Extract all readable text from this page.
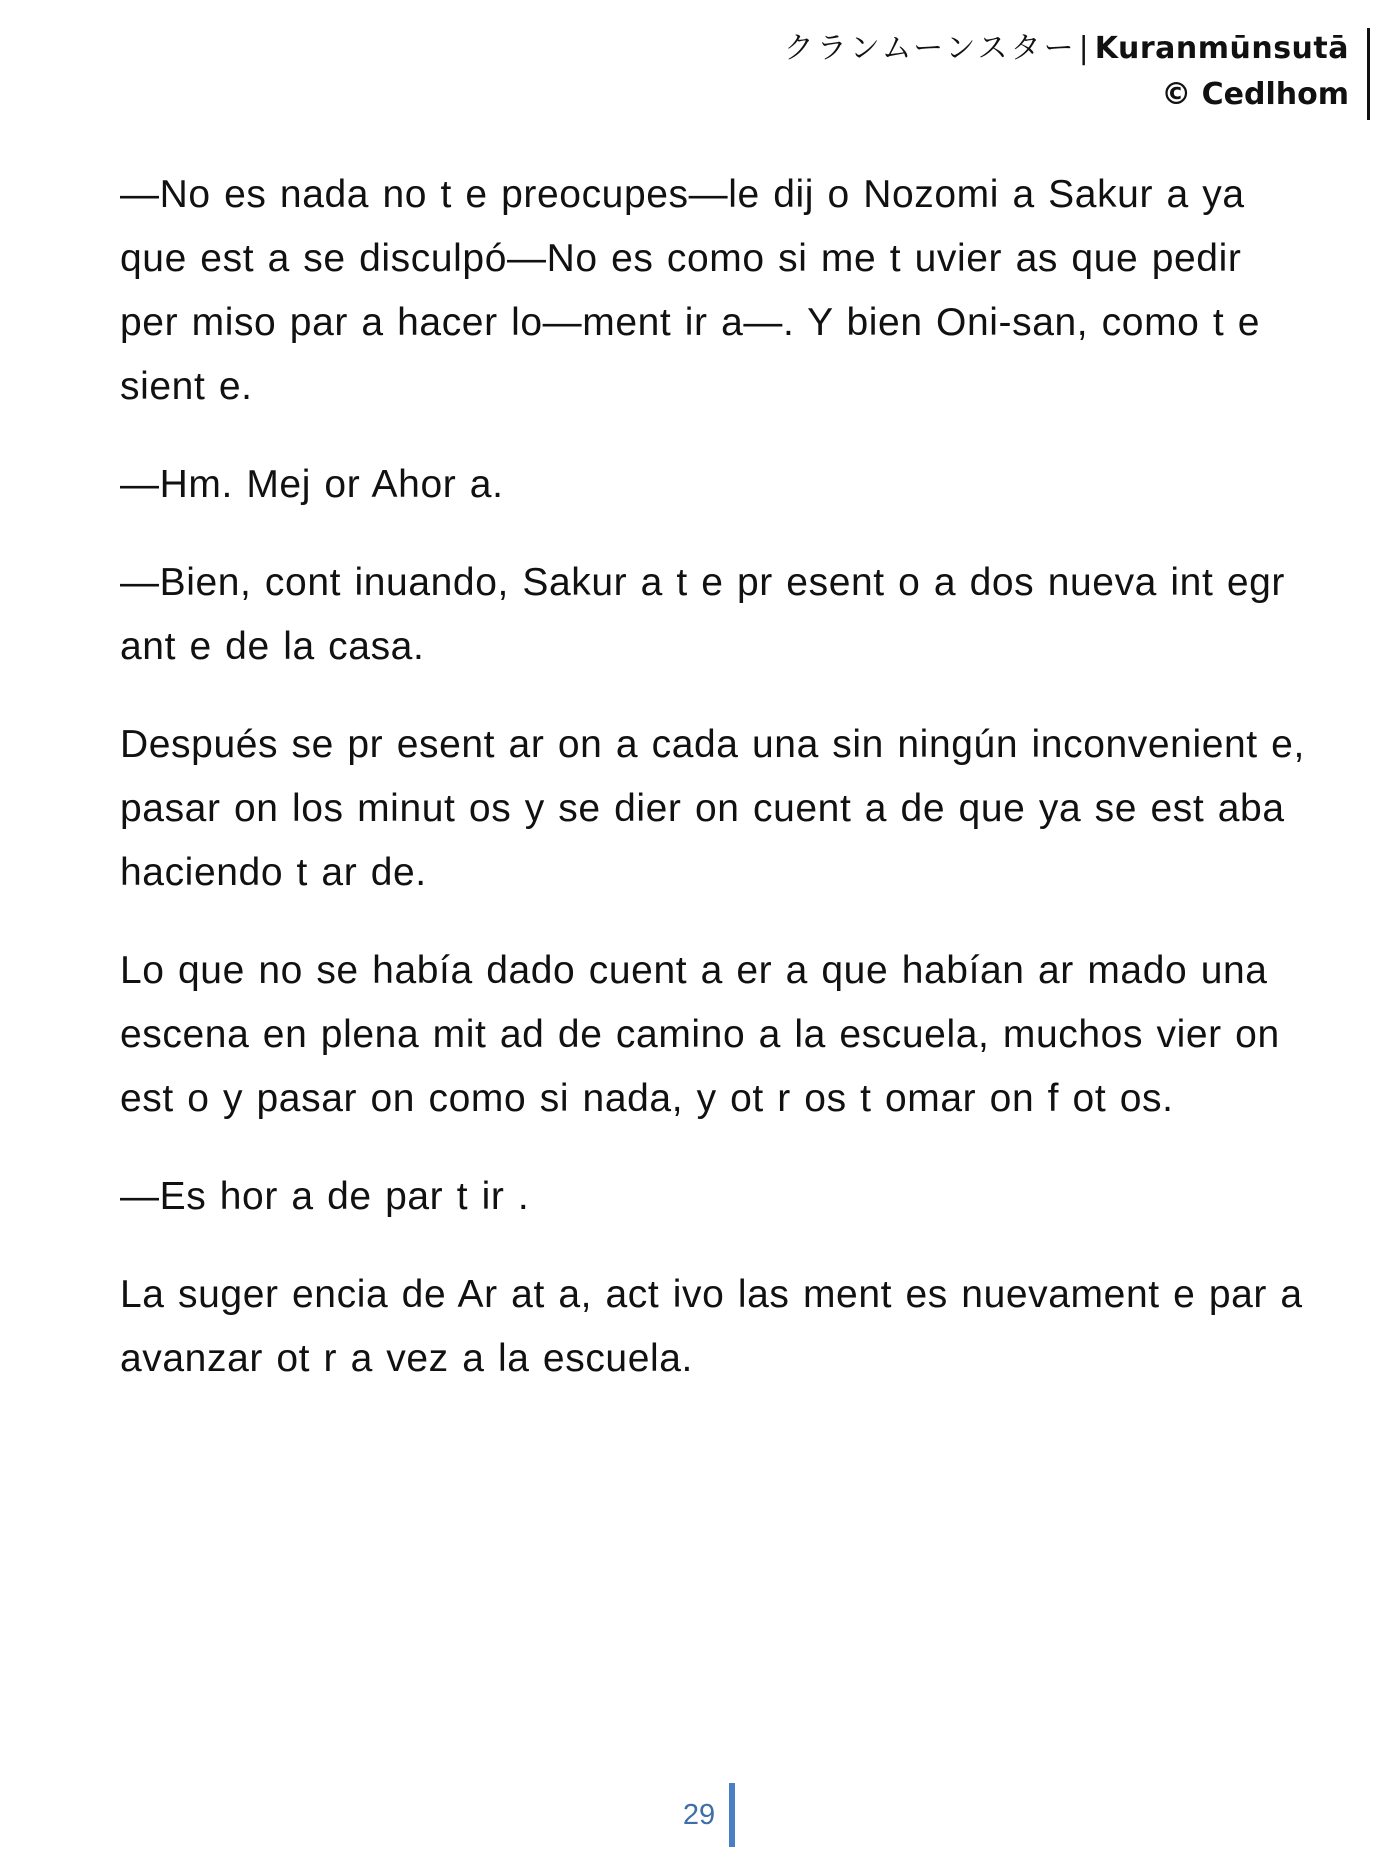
クランムーンスター| Kuranmūnsutā
© Cedlhom

—No es nada no t e preocupes—le dij o Nozomi a Sakur a ya que est a se disculpó—No es como si me t uvier as que pedir per miso par a hacer lo—ment ir a—. Y bien Oni-san, como t e sient e.

—Hm. Mej or Ahor a.

—Bien, cont inuando, Sakur a t e pr esent o a dos nueva int egr ant e de la casa.

Después se pr esent ar on a cada una sin ningún inconvenient e, pasar on los minut os y se dier on cuent a de que ya se est aba haciendo t ar de.

Lo que no se había dado cuent a er a que habían ar mado una escena en plena mit ad de camino a la escuela, muchos vier on est o y pasar on como si nada, y ot r os t omar on f ot os.

—Es hor a de par t ir .

La suger encia de Ar at a, act ivo las ment es nuevament e par a avanzar ot r a vez a la escuela.

29
